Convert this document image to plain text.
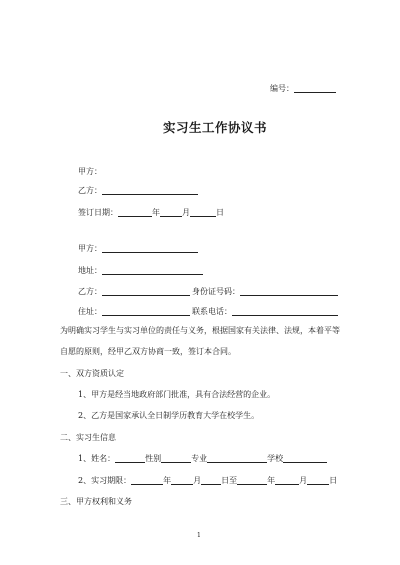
编号：
实习生工作协议书
甲方：
乙方：
签订日期：	年	月	日
甲方：
地址：
乙方：	身份证号码：
住址：	联系电话：
为明确实习学生与实习单位的责任与义务，根据国家有关法律、法规，本着平等
自愿的原则，经甲乙双方协商一致，签订本合同。
一、双方资质认定
1、甲方是经当地政府部门批准，具有合法经营的企业。
2、乙方是国家承认全日制学历教育大学在校学生。
二、实习生信息
1、姓名：	性别	专业	学校
2、实习期限：	年	月	日至	年	月	日
三、甲方权利和义务
1
